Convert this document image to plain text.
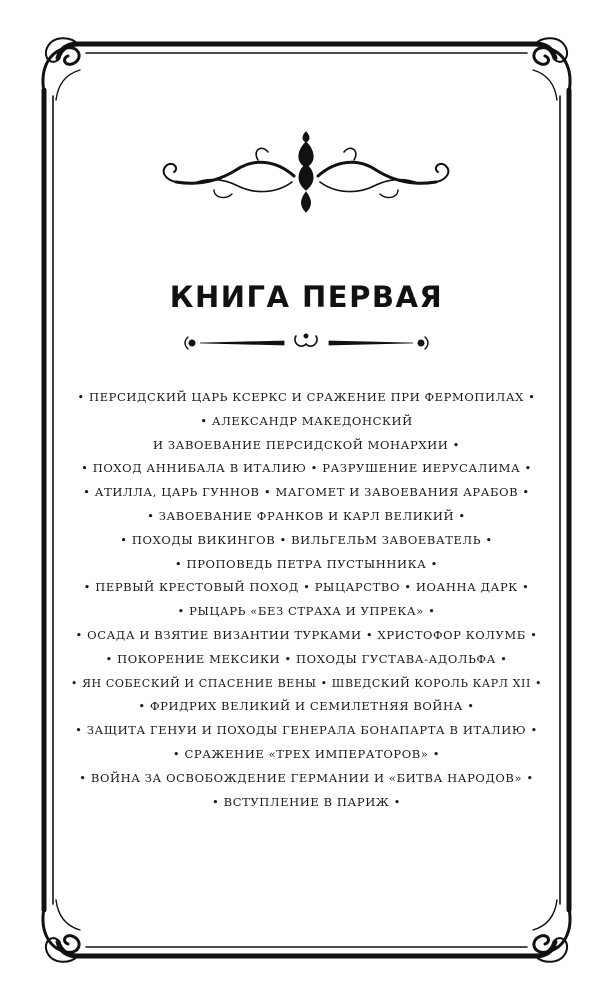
КНИГА ПЕРВАЯ
• ПЕРСИДСКИЙ ЦАРЬ КСЕРКС И СРАЖЕНИЕ ПРИ ФЕРМОПИЛАХ •
• АЛЕКСАНДР МАКЕДОНСКИЙ
И ЗАВОЕВАНИЕ ПЕРСИДСКОЙ МОНАРХИИ •
• ПОХОД АННИБАЛА В ИТАЛИЮ • РАЗРУШЕНИЕ ИЕРУСАЛИМА •
• АТИЛЛА, ЦАРЬ ГУННОВ • МАГОМЕТ И ЗАВОЕВАНИЯ АРАБОВ •
• ЗАВОЕВАНИЕ ФРАНКОВ И КАРЛ ВЕЛИКИЙ •
• ПОХОДЫ ВИКИНГОВ • ВИЛЬГЕЛЬМ ЗАВОЕВАТЕЛЬ •
• ПРОПОВЕДЬ ПЕТРА ПУСТЫННИКА •
• ПЕРВЫЙ КРЕСТОВЫЙ ПОХОД • РЫЦАРСТВО • ИОАННА ДАРК •
• РЫЦАРЬ «БЕЗ СТРАХА И УПРЕКА» •
• ОСАДА И ВЗЯТИЕ ВИЗАНТИИ ТУРКАМИ • ХРИСТОФОР КОЛУМБ •
• ПОКОРЕНИЕ МЕКСИКИ • ПОХОДЫ ГУСТАВА-АДОЛЬФА •
• ЯН СОБЕСКИЙ И СПАСЕНИЕ ВЕНЫ • ШВЕДСКИЙ КОРОЛЬ КАРЛ XII •
• ФРИДРИХ ВЕЛИКИЙ И СЕМИЛЕТНЯЯ ВОЙНА •
• ЗАЩИТА ГЕНУИ И ПОХОДЫ ГЕНЕРАЛА БОНАПАРТА В ИТАЛИЮ •
• СРАЖЕНИЕ «ТРЕХ ИМПЕРАТОРОВ» •
• ВОЙНА ЗА ОСВОБОЖДЕНИЕ ГЕРМАНИИ И «БИТВА НАРОДОВ» •
• ВСТУПЛЕНИЕ В ПАРИЖ •
